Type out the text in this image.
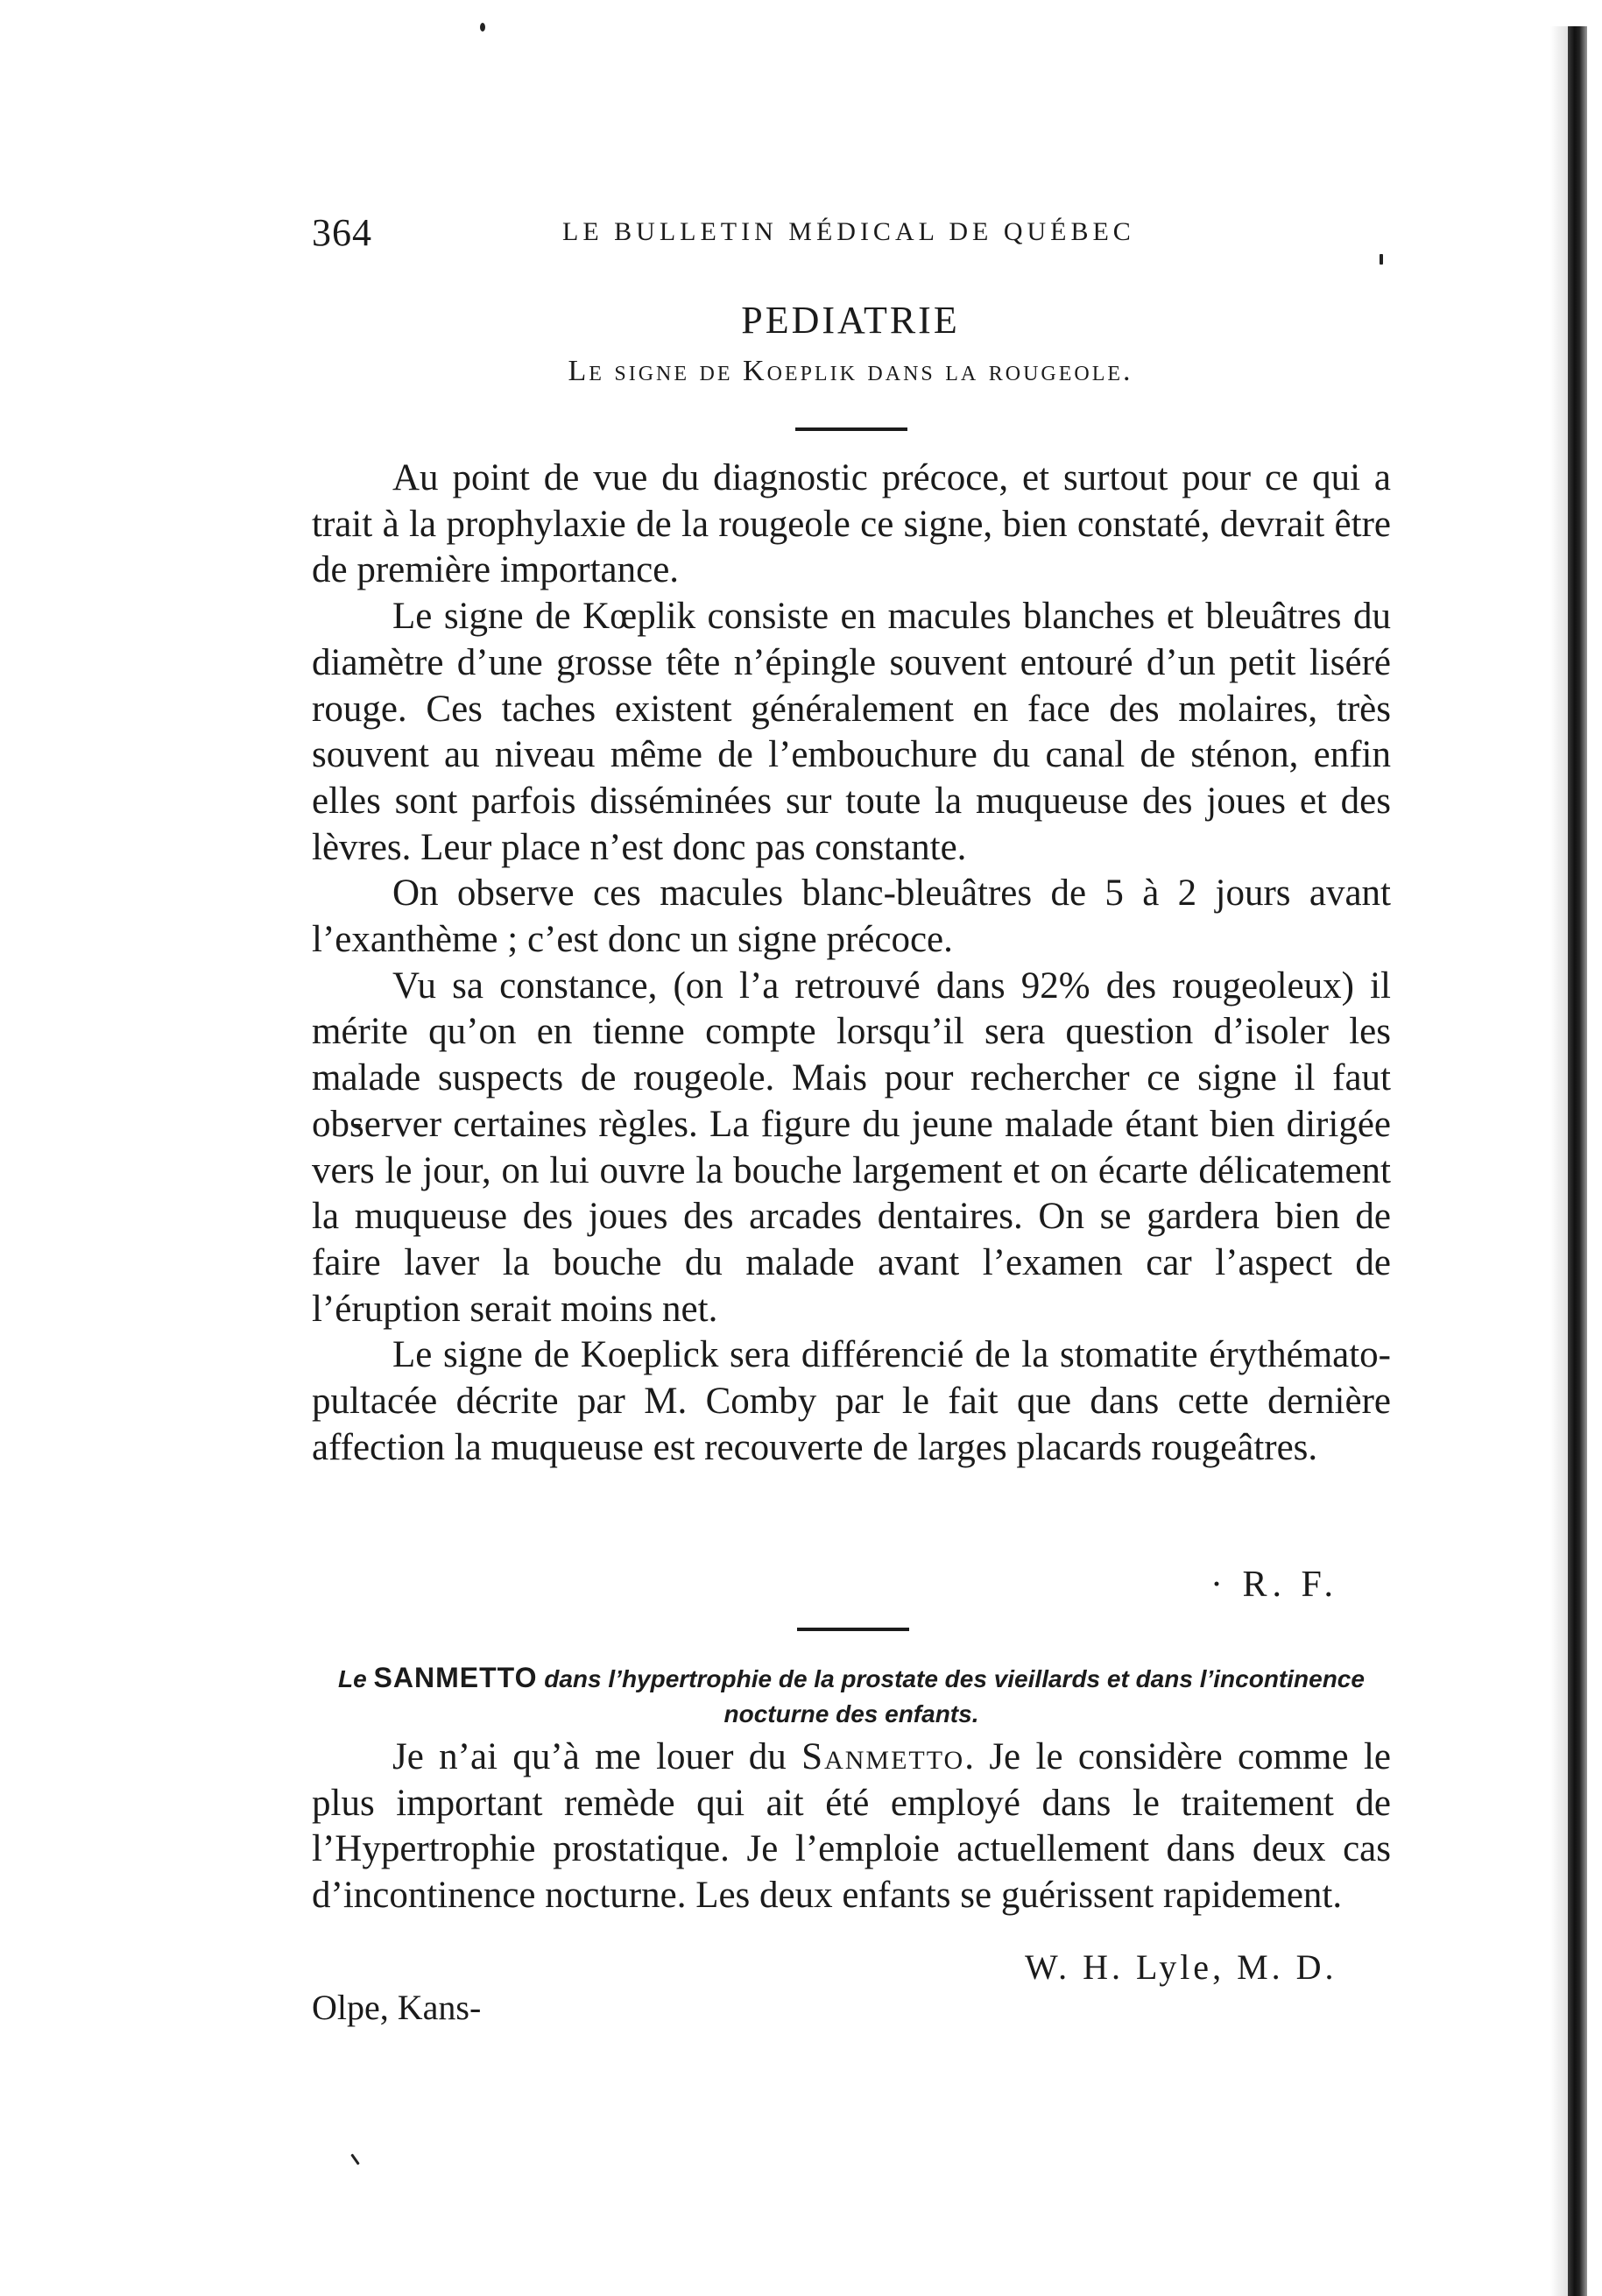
364	LE BULLETIN MÉDICAL DE QUÉBEC
PEDIATRIE
Le signe de Koeplik dans la rougeole.

Au point de vue du diagnostic précoce, et surtout pour ce qui a trait à la prophylaxie de la rougeole ce signe, bien constaté, devrait être de première importance.

Le signe de Kœplik consiste en macules blanches et bleuâtres du diamètre d’une grosse tête n’épingle souvent entouré d’un petit liséré rouge. Ces taches existent généralement en face des molaires, très souvent au niveau même de l’embouchure du canal de sténon, enfin elles sont parfois disséminées sur toute la muqueuse des joues et des lèvres. Leur place n’est donc pas constante.

On observe ces macules blanc-bleuâtres de 5 à 2 jours avant l’exanthème ; c’est donc un signe précoce.

Vu sa constance, (on l’a retrouvé dans 92% des rougeoleux) il mérite qu’on en tienne compte lorsqu’il sera question d’isoler les malade suspects de rougeole. Mais pour rechercher ce signe il faut observer certaines règles. La figure du jeune malade étant bien dirigée vers le jour, on lui ouvre la bouche largement et on écarte délicatement la muqueuse des joues des arcades dentaires. On se gardera bien de faire laver la bouche du malade avant l’examen car l’aspect de l’éruption serait moins net.

Le signe de Koeplick sera différencié de la stomatite érythémato-pultacée décrite par M. Comby par le fait que dans cette dernière affection la muqueuse est recouverte de larges placards rougeâtres.

· R. F.
Le SANMETTO dans l’hypertrophie de la prostate des vieillards et dans l’incontinence nocturne des enfants.

Je n’ai qu’à me louer du Sanmetto. Je le considère comme le plus important remède qui ait été employé dans le traitement de l’Hypertrophie prostatique. Je l’emploie actuellement dans deux cas d’incontinence nocturne. Les deux enfants se guérissent rapidement.

W. H. Lyle, M. D.
Olpe, Kans-
